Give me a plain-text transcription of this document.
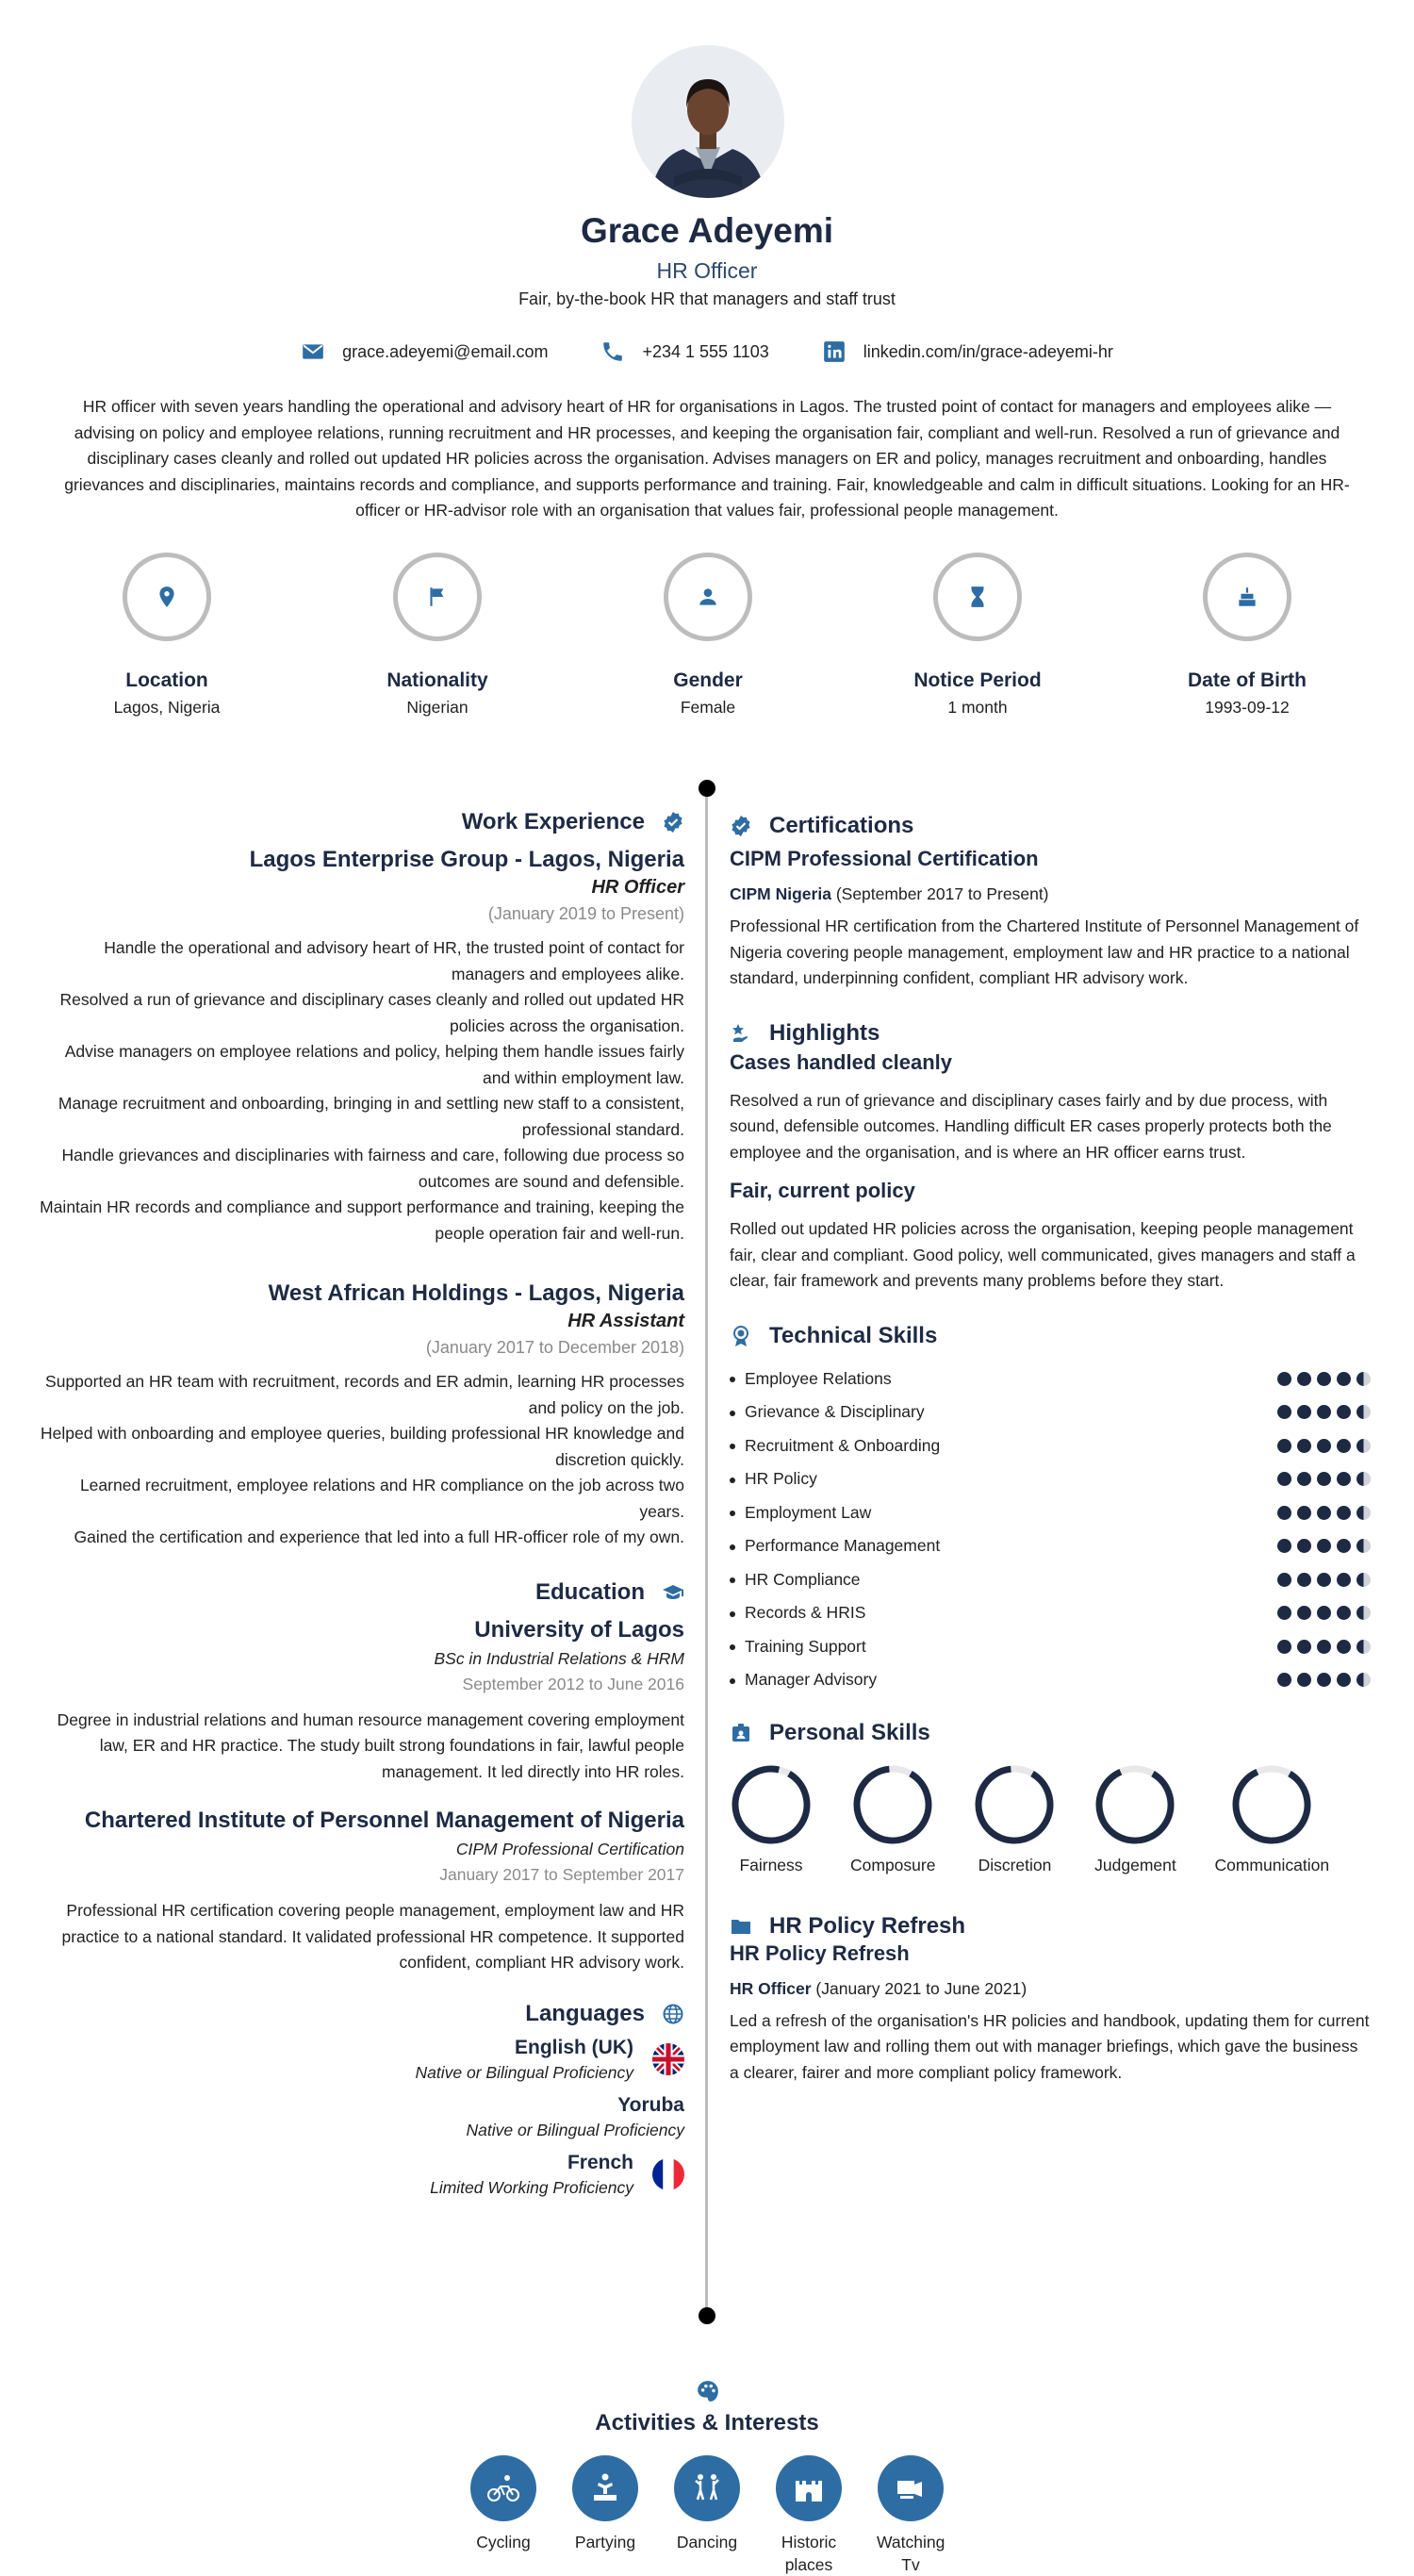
Grace Adeyemi
HR Officer
Fair, by-the-book HR that managers and staff trust
grace.adeyemi@email.com	+234 1 555 1103	linkedin.com/in/grace-adeyemi-hr
HR officer with seven years handling the operational and advisory heart of HR for organisations in Lagos. The trusted point of contact for managers and employees alike — advising on policy and employee relations, running recruitment and HR processes, and keeping the organisation fair, compliant and well-run. Resolved a run of grievance and disciplinary cases cleanly and rolled out updated HR policies across the organisation. Advises managers on ER and policy, manages recruitment and onboarding, handles grievances and disciplinaries, maintains records and compliance, and supports performance and training. Fair, knowledgeable and calm in difficult situations. Looking for an HR-officer or HR-advisor role with an organisation that values fair, professional people management.
Location
Lagos, Nigeria
Nationality
Nigerian
Gender
Female
Notice Period
1 month
Date of Birth
1993-09-12
Work Experience
Lagos Enterprise Group - Lagos, Nigeria
HR Officer
(January 2019 to Present)
Handle the operational and advisory heart of HR, the trusted point of contact for managers and employees alike.
Resolved a run of grievance and disciplinary cases cleanly and rolled out updated HR policies across the organisation.
Advise managers on employee relations and policy, helping them handle issues fairly and within employment law.
Manage recruitment and onboarding, bringing in and settling new staff to a consistent, professional standard.
Handle grievances and disciplinaries with fairness and care, following due process so outcomes are sound and defensible.
Maintain HR records and compliance and support performance and training, keeping the people operation fair and well-run.
West African Holdings - Lagos, Nigeria
HR Assistant
(January 2017 to December 2018)
Supported an HR team with recruitment, records and ER admin, learning HR processes and policy on the job.
Helped with onboarding and employee queries, building professional HR knowledge and discretion quickly.
Learned recruitment, employee relations and HR compliance on the job across two years.
Gained the certification and experience that led into a full HR-officer role of my own.
Education
University of Lagos
BSc in Industrial Relations & HRM
September 2012 to June 2016
Degree in industrial relations and human resource management covering employment law, ER and HR practice. The study built strong foundations in fair, lawful people management. It led directly into HR roles.
Chartered Institute of Personnel Management of Nigeria
CIPM Professional Certification
January 2017 to September 2017
Professional HR certification covering people management, employment law and HR practice to a national standard. It validated professional HR competence. It supported confident, compliant HR advisory work.
Languages
English (UK)
Native or Bilingual Proficiency
Yoruba
Native or Bilingual Proficiency
French
Limited Working Proficiency
Certifications
CIPM Professional Certification
CIPM Nigeria (September 2017 to Present)
Professional HR certification from the Chartered Institute of Personnel Management of Nigeria covering people management, employment law and HR practice to a national standard, underpinning confident, compliant HR advisory work.
Highlights
Cases handled cleanly
Resolved a run of grievance and disciplinary cases fairly and by due process, with sound, defensible outcomes. Handling difficult ER cases properly protects both the employee and the organisation, and is where an HR officer earns trust.
Fair, current policy
Rolled out updated HR policies across the organisation, keeping people management fair, clear and compliant. Good policy, well communicated, gives managers and staff a clear, fair framework and prevents many problems before they start.
Technical Skills
Employee Relations
Grievance & Disciplinary
Recruitment & Onboarding
HR Policy
Employment Law
Performance Management
HR Compliance
Records & HRIS
Training Support
Manager Advisory
Personal Skills
Fairness	Composure	Discretion	Judgement Communication
HR Policy Refresh
HR Policy Refresh
HR Officer (January 2021 to June 2021)
Led a refresh of the organisation's HR policies and handbook, updating them for current employment law and rolling them out with manager briefings, which gave the business a clearer, fairer and more compliant policy framework.
Activities & Interests
Cycling	Partying	Dancing	Historic places
Watching Tv
